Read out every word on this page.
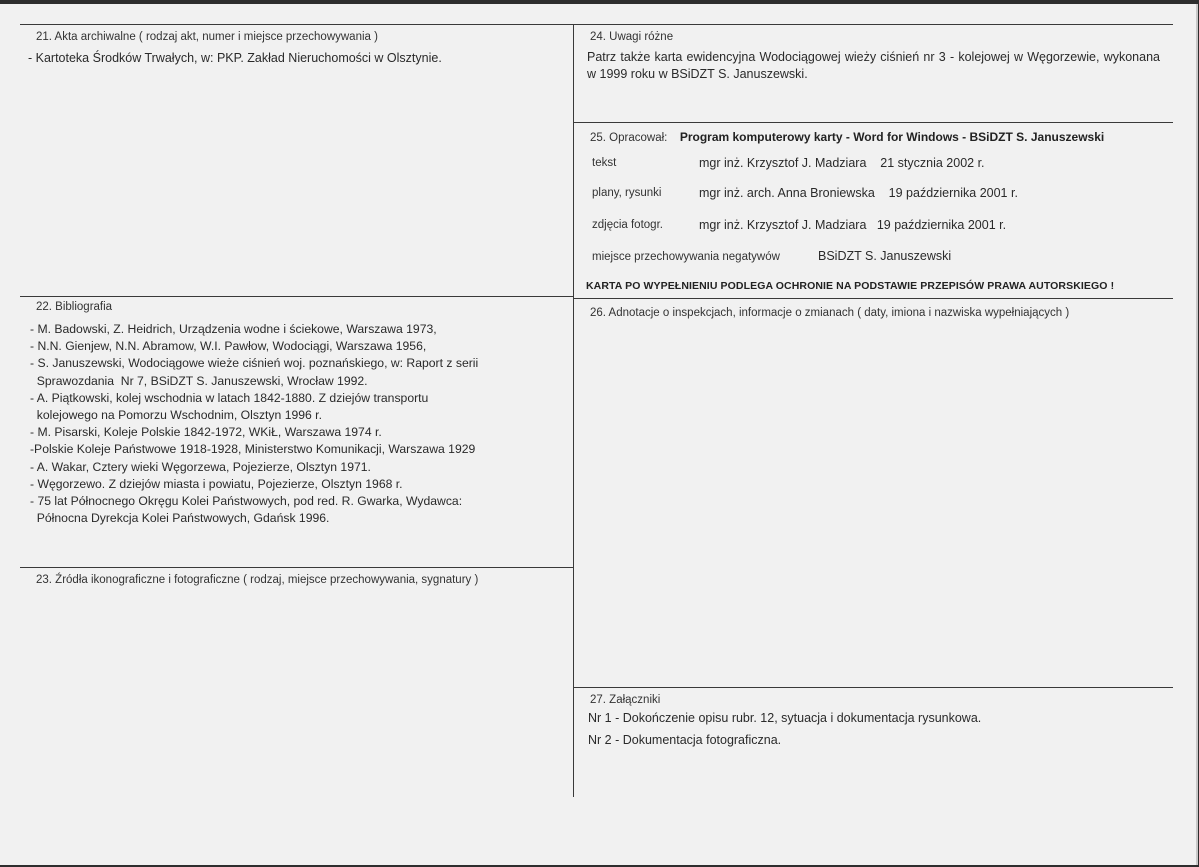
21. Akta archiwalne ( rodzaj akt, numer i miejsce przechowywania )
- Kartoteka Środków Trwałych, w: PKP. Zakład Nieruchomości w Olsztynie.
22. Bibliografia
- M. Badowski, Z. Heidrich, Urządzenia wodne i ściekowe, Warszawa 1973,
- N.N. Gienjew, N.N. Abramow, W.I. Pawłow, Wodociągi, Warszawa 1956,
- S. Januszewski, Wodociągowe wieże ciśnień woj. poznańskiego, w: Raport z serii
Sprawozdania  Nr 7, BSiDZT S. Januszewski, Wrocław 1992.
- A. Piątkowski, kolej wschodnia w latach 1842-1880. Z dziejów transportu
kolejowego na Pomorzu Wschodnim, Olsztyn 1996 r.
- M. Pisarski, Koleje Polskie 1842-1972, WKiŁ, Warszawa 1974 r.
-Polskie Koleje Państwowe 1918-1928, Ministerstwo Komunikacji, Warszawa 1929
- A. Wakar, Cztery wieki Węgorzewa, Pojezierze, Olsztyn 1971.
- Węgorzewo. Z dziejów miasta i powiatu, Pojezierze, Olsztyn 1968 r.
- 75 lat Północnego Okręgu Kolei Państwowych, pod red. R. Gwarka, Wydawca:
Północna Dyrekcja Kolei Państwowych, Gdańsk 1996.
23. Źródła ikonograficzne i fotograficzne ( rodzaj, miejsce przechowywania, sygnatury )
24. Uwagi różne
Patrz także karta ewidencyjna Wodociągowej wieży ciśnień nr 3 - kolejowej w Węgorzewie, wykonana w 1999 roku w BSiDZT S. Januszewski.
25. Opracował: Program komputerowy karty - Word for Windows - BSiDZT S. Januszewski
tekst	mgr inż. Krzysztof J. Madziara    21 stycznia 2002 r.
plany, rysunki	mgr inż. arch. Anna Broniewska    19 października 2001 r.
zdjęcia fotogr.	mgr inż. Krzysztof J. Madziara   19 października 2001 r.
miejsce przechowywania negatywów	BSiDZT S. Januszewski
KARTA PO WYPEŁNIENIU PODLEGA OCHRONIE NA PODSTAWIE PRZEPISÓW PRAWA AUTORSKIEGO !
26. Adnotacje o inspekcjach, informacje o zmianach ( daty, imiona i nazwiska wypełniających )
27. Załączniki
Nr 1 - Dokończenie opisu rubr. 12, sytuacja i dokumentacja rysunkowa.
Nr 2 - Dokumentacja fotograficzna.
